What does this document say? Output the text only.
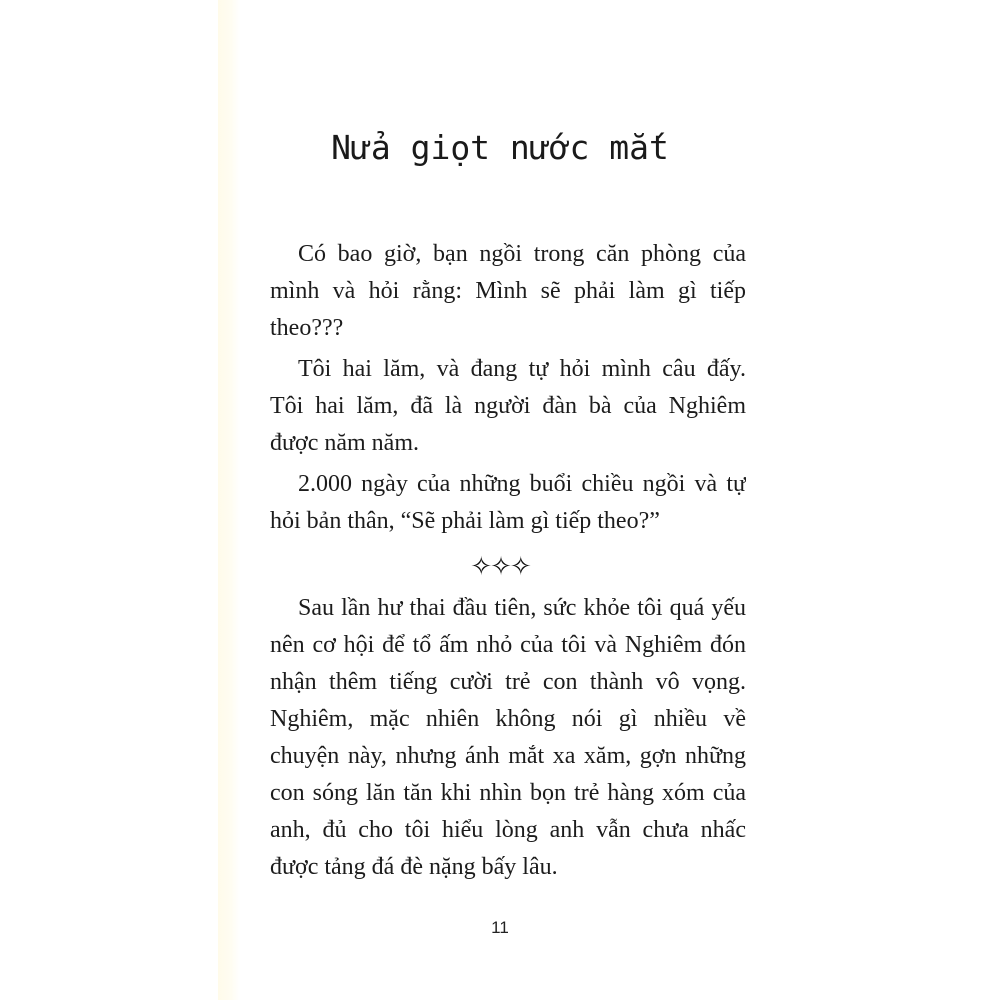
Nửa giọt nước mắt
Có bao giờ, bạn ngồi trong căn phòng của
mình và hỏi rằng: Mình sẽ phải làm gì tiếp
theo???
Tôi hai lăm, và đang tự hỏi mình câu đấy.
Tôi hai lăm, đã là người đàn bà của Nghiêm
được năm năm.
2.000 ngày của những buổi chiều ngồi và tự
hỏi bản thân, “Sẽ phải làm gì tiếp theo?”
✧✧✧
Sau lần hư thai đầu tiên, sức khỏe tôi quá yếu
nên cơ hội để tổ ấm nhỏ của tôi và Nghiêm đón
nhận thêm tiếng cười trẻ con thành vô vọng.
Nghiêm, mặc nhiên không nói gì nhiều về
chuyện này, nhưng ánh mắt xa xăm, gợn những
con sóng lăn tăn khi nhìn bọn trẻ hàng xóm của
anh, đủ cho tôi hiểu lòng anh vẫn chưa nhấc
được tảng đá đè nặng bấy lâu.
11
